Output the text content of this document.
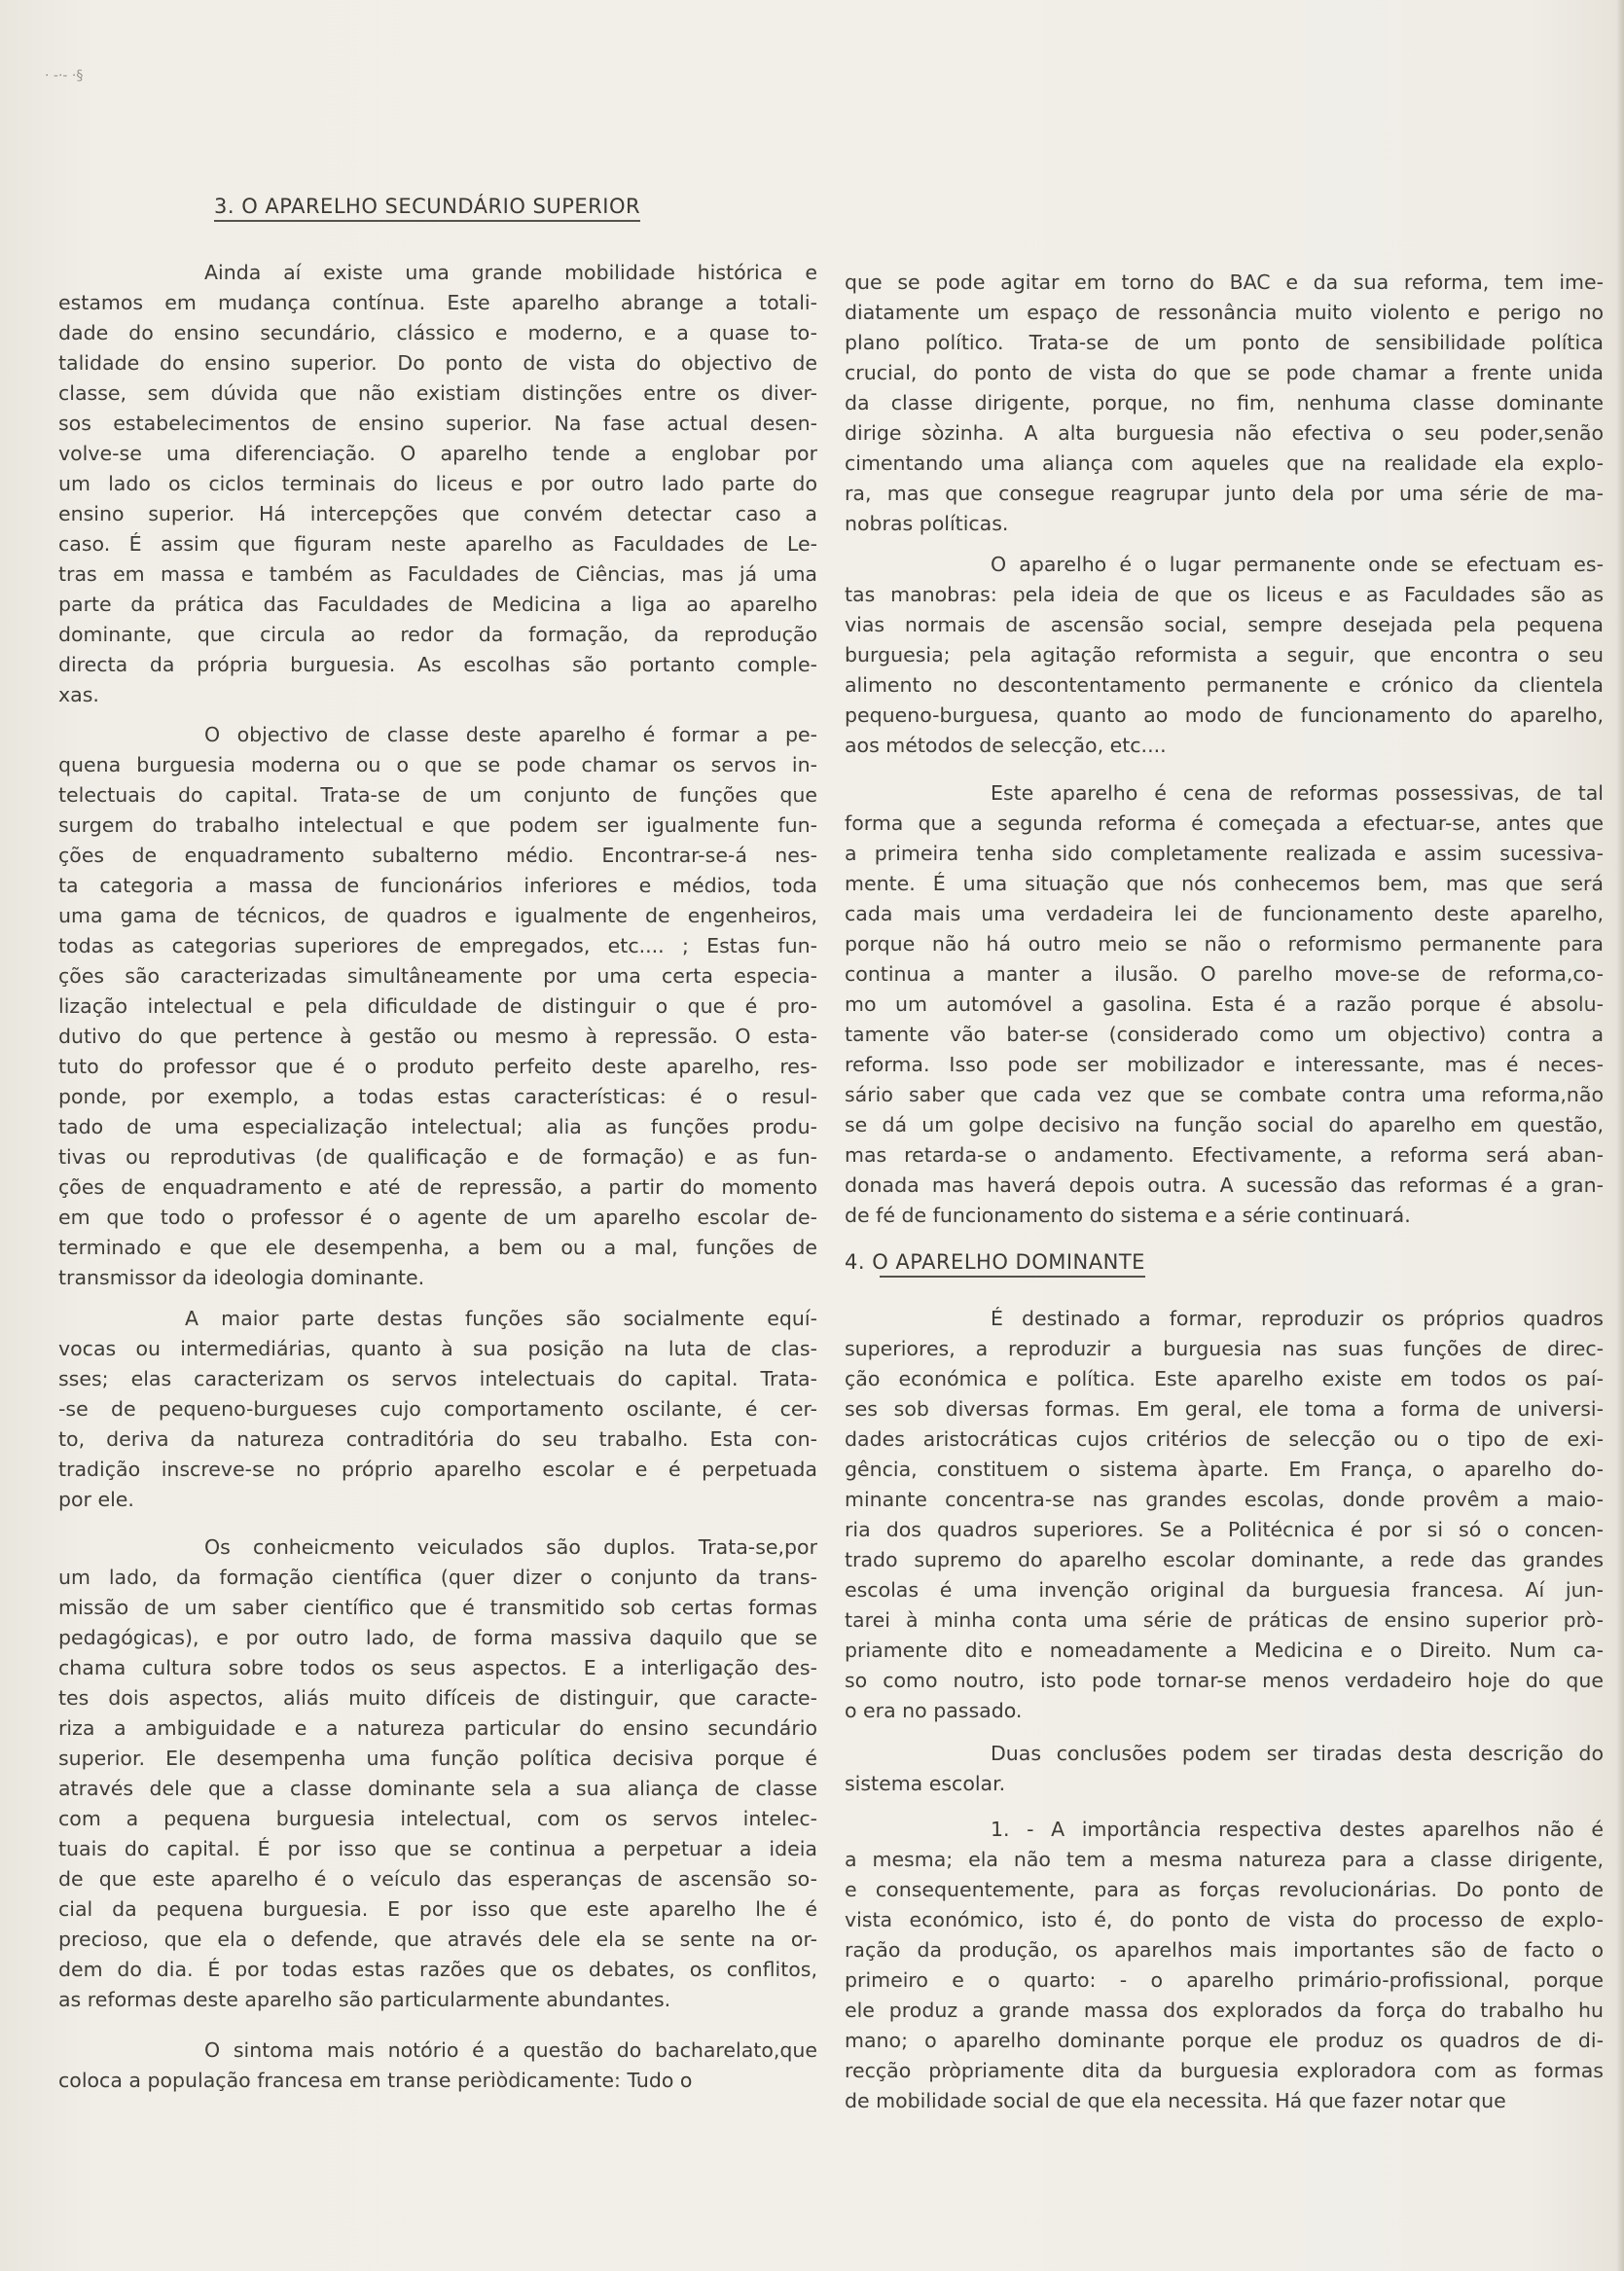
· -·- ·§
3. O APARELHO SECUNDÁRIO SUPERIOR
Ainda aí existe uma grande mobilidade histórica e
estamos em mudança contínua. Este aparelho abrange a totali-
dade do ensino secundário, clássico e moderno, e a quase to-
talidade do ensino superior. Do ponto de vista do objectivo de
classe, sem dúvida que não existiam distinções entre os diver-
sos estabelecimentos de ensino superior. Na fase actual desen-
volve-se uma diferenciação. O aparelho tende a englobar por
um lado os ciclos terminais do liceus e por outro lado parte do
ensino superior. Há intercepções que convém detectar caso a
caso. É assim que figuram neste aparelho as Faculdades de Le-
tras em massa e também as Faculdades de Ciências, mas já uma
parte da prática das Faculdades de Medicina a liga ao aparelho
dominante, que circula ao redor da formação, da reprodução
directa da própria burguesia. As escolhas são portanto comple-
xas.
O objectivo de classe deste aparelho é formar a pe-
quena burguesia moderna ou o que se pode chamar os servos in-
telectuais do capital. Trata-se de um conjunto de funções que
surgem do trabalho intelectual e que podem ser igualmente fun-
ções de enquadramento subalterno médio. Encontrar-se-á nes-
ta categoria a massa de funcionários inferiores e médios, toda
uma gama de técnicos, de quadros e igualmente de engenheiros,
todas as categorias superiores de empregados, etc.... ; Estas fun-
ções são caracterizadas simultâneamente por uma certa especia-
lização intelectual e pela dificuldade de distinguir o que é pro-
dutivo do que pertence à gestão ou mesmo à repressão. O esta-
tuto do professor que é o produto perfeito deste aparelho, res-
ponde, por exemplo, a todas estas características: é o resul-
tado de uma especialização intelectual; alia as funções produ-
tivas ou reprodutivas (de qualificação e de formação) e as fun-
ções de enquadramento e até de repressão, a partir do momento
em que todo o professor é o agente de um aparelho escolar de-
terminado e que ele desempenha, a bem ou a mal, funções de
transmissor da ideologia dominante.
A maior parte destas funções são socialmente equí-
vocas ou intermediárias, quanto à sua posição na luta de clas-
sses; elas caracterizam os servos intelectuais do capital. Trata-
-se de pequeno-burgueses cujo comportamento oscilante, é cer-
to, deriva da natureza contraditória do seu trabalho. Esta con-
tradição inscreve-se no próprio aparelho escolar e é perpetuada
por ele.
Os conheicmento veiculados são duplos. Trata-se,por
um lado, da formação científica (quer dizer o conjunto da trans-
missão de um saber científico que é transmitido sob certas formas
pedagógicas), e por outro lado, de forma massiva daquilo que se
chama cultura sobre todos os seus aspectos. E a interligação des-
tes dois aspectos, aliás muito difíceis de distinguir, que caracte-
riza a ambiguidade e a natureza particular do ensino secundário
superior. Ele desempenha uma função política decisiva porque é
através dele que a classe dominante sela a sua aliança de classe
com a pequena burguesia intelectual, com os servos intelec-
tuais do capital. É por isso que se continua a perpetuar a ideia
de que este aparelho é o veículo das esperanças de ascensão so-
cial da pequena burguesia. E por isso que este aparelho lhe é
precioso, que ela o defende, que através dele ela se sente na or-
dem do dia. É por todas estas razões que os debates, os conflitos,
as reformas deste aparelho são particularmente abundantes.
O sintoma mais notório é a questão do bacharelato,que
coloca a população francesa em transe periòdicamente: Tudo o
que se pode agitar em torno do BAC e da sua reforma, tem ime-
diatamente um espaço de ressonância muito violento e perigo no
plano político. Trata-se de um ponto de sensibilidade política
crucial, do ponto de vista do que se pode chamar a frente unida
da classe dirigente, porque, no fim, nenhuma classe dominante
dirige sòzinha. A alta burguesia não efectiva o seu poder,senão
cimentando uma aliança com aqueles que na realidade ela explo-
ra, mas que consegue reagrupar junto dela por uma série de ma-
nobras políticas.
O aparelho é o lugar permanente onde se efectuam es-
tas manobras: pela ideia de que os liceus e as Faculdades são as
vias normais de ascensão social, sempre desejada pela pequena
burguesia; pela agitação reformista a seguir, que encontra o seu
alimento no descontentamento permanente e crónico da clientela
pequeno-burguesa, quanto ao modo de funcionamento do aparelho,
aos métodos de selecção, etc....
Este aparelho é cena de reformas possessivas, de tal
forma que a segunda reforma é começada a efectuar-se, antes que
a primeira tenha sido completamente realizada e assim sucessiva-
mente. É uma situação que nós conhecemos bem, mas que será
cada mais uma verdadeira lei de funcionamento deste aparelho,
porque não há outro meio se não o reformismo permanente para
continua a manter a ilusão. O parelho move-se de reforma,co-
mo um automóvel a gasolina. Esta é a razão porque é absolu-
tamente vão bater-se (considerado como um objectivo) contra a
reforma. Isso pode ser mobilizador e interessante, mas é neces-
sário saber que cada vez que se combate contra uma reforma,não
se dá um golpe decisivo na função social do aparelho em questão,
mas retarda-se o andamento. Efectivamente, a reforma será aban-
donada mas haverá depois outra. A sucessão das reformas é a gran-
de fé de funcionamento do sistema e a série continuará.
4. O APARELHO DOMINANTE
É destinado a formar, reproduzir os próprios quadros
superiores, a reproduzir a burguesia nas suas funções de direc-
ção económica e política. Este aparelho existe em todos os paí-
ses sob diversas formas. Em geral, ele toma a forma de universi-
dades aristocráticas cujos critérios de selecção ou o tipo de exi-
gência, constituem o sistema àparte. Em França, o aparelho do-
minante concentra-se nas grandes escolas, donde provêm a maio-
ria dos quadros superiores. Se a Politécnica é por si só o concen-
trado supremo do aparelho escolar dominante, a rede das grandes
escolas é uma invenção original da burguesia francesa. Aí jun-
tarei à minha conta uma série de práticas de ensino superior prò-
priamente dito e nomeadamente a Medicina e o Direito. Num ca-
so como noutro, isto pode tornar-se menos verdadeiro hoje do que
o era no passado.
Duas conclusões podem ser tiradas desta descrição do
sistema escolar.
1. - A importância respectiva destes aparelhos não é
a mesma; ela não tem a mesma natureza para a classe dirigente,
e consequentemente, para as forças revolucionárias. Do ponto de
vista económico, isto é, do ponto de vista do processo de explo-
ração da produção, os aparelhos mais importantes são de facto o
primeiro e o quarto: - o aparelho primário-profissional, porque
ele produz a grande massa dos explorados da força do trabalho hu
mano; o aparelho dominante porque ele produz os quadros de di-
recção pròpriamente dita da burguesia exploradora com as formas
de mobilidade social de que ela necessita. Há que fazer notar que
